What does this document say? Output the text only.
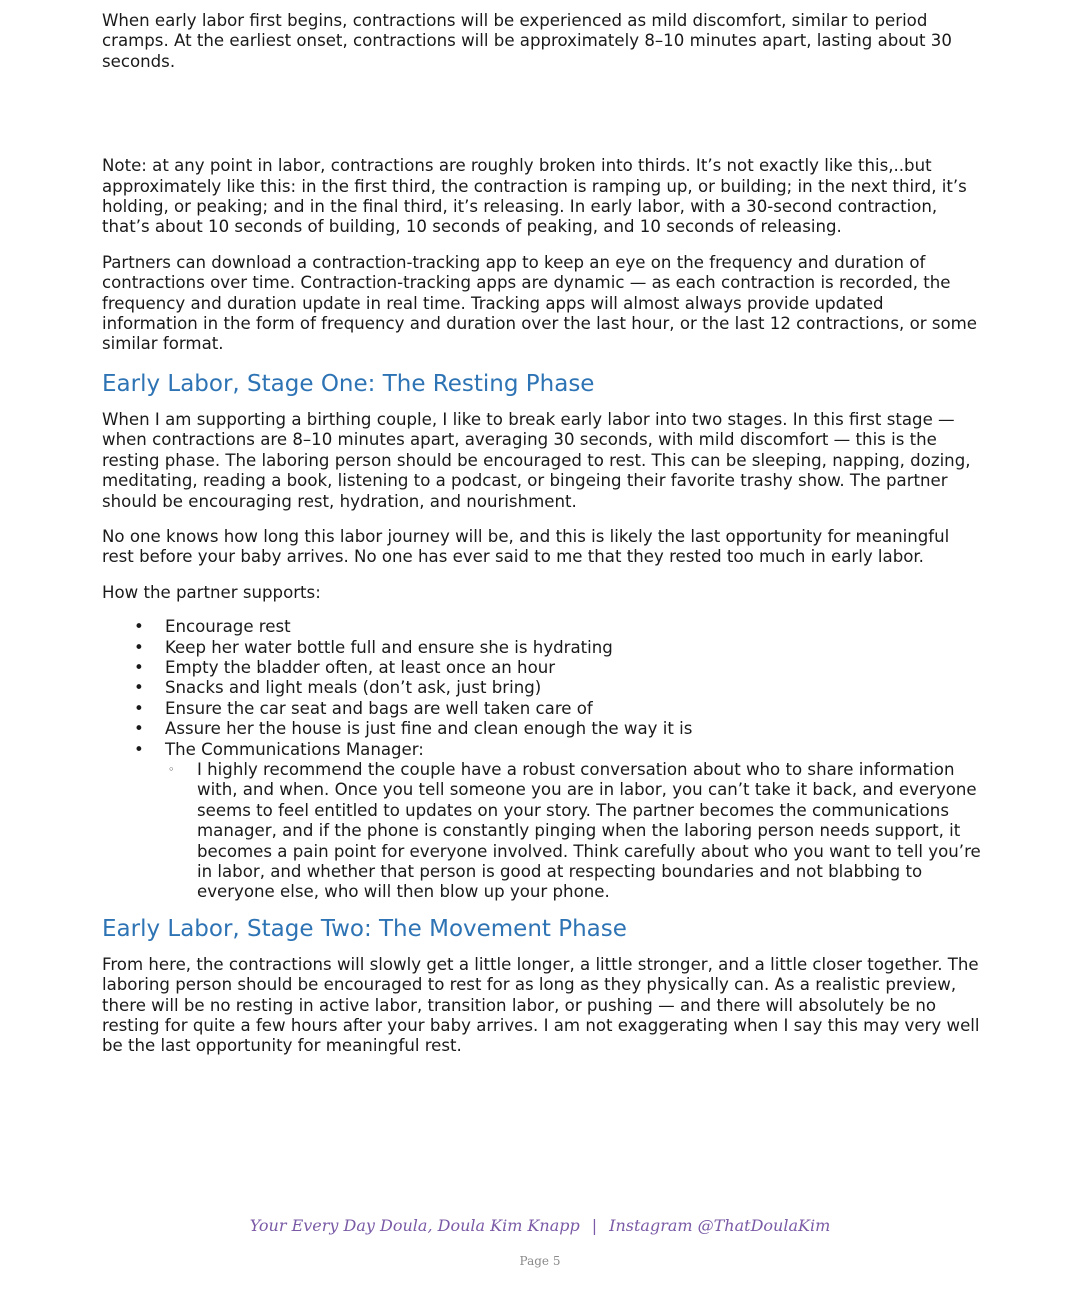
When early labor first begins, contractions will be experienced as mild discomfort, similar to period cramps. At the earliest onset, contractions will be approximately 8–10 minutes apart, lasting about 30 seconds.

Note: at any point in labor, contractions are roughly broken into thirds. It’s not exactly like this,..but approximately like this: in the first third, the contraction is ramping up, or building; in the next third, it’s holding, or peaking; and in the final third, it’s releasing. In early labor, with a 30-second contraction, that’s about 10 seconds of building, 10 seconds of peaking, and 10 seconds of releasing.

Partners can download a contraction-tracking app to keep an eye on the frequency and duration of contractions over time. Contraction-tracking apps are dynamic — as each contraction is recorded, the frequency and duration update in real time. Tracking apps will almost always provide updated information in the form of frequency and duration over the last hour, or the last 12 contractions, or some similar format.

Early Labor, Stage One: The Resting Phase

When I am supporting a birthing couple, I like to break early labor into two stages. In this first stage — when contractions are 8–10 minutes apart, averaging 30 seconds, with mild discomfort — this is the resting phase. The laboring person should be encouraged to rest. This can be sleeping, napping, dozing, meditating, reading a book, listening to a podcast, or bingeing their favorite trashy show. The partner should be encouraging rest, hydration, and nourishment.

No one knows how long this labor journey will be, and this is likely the last opportunity for meaningful rest before your baby arrives. No one has ever said to me that they rested too much in early labor.

How the partner supports:

• Encourage rest
• Keep her water bottle full and ensure she is hydrating
• Empty the bladder often, at least once an hour
• Snacks and light meals (don’t ask, just bring)
• Ensure the car seat and bags are well taken care of
• Assure her the house is just fine and clean enough the way it is
• The Communications Manager:
◦ I highly recommend the couple have a robust conversation about who to share information with, and when. Once you tell someone you are in labor, you can’t take it back, and everyone seems to feel entitled to updates on your story. The partner becomes the communications manager, and if the phone is constantly pinging when the laboring person needs support, it becomes a pain point for everyone involved. Think carefully about who you want to tell you’re in labor, and whether that person is good at respecting boundaries and not blabbing to everyone else, who will then blow up your phone.
Early Labor, Stage Two: The Movement Phase

From here, the contractions will slowly get a little longer, a little stronger, and a little closer together. The laboring person should be encouraged to rest for as long as they physically can. As a realistic preview, there will be no resting in active labor, transition labor, or pushing — and there will absolutely be no resting for quite a few hours after your baby arrives. I am not exaggerating when I say this may very well be the last opportunity for meaningful rest.

Your Every Day Doula, Doula Kim Knapp | Instagram @ThatDoulaKim
Page 5
